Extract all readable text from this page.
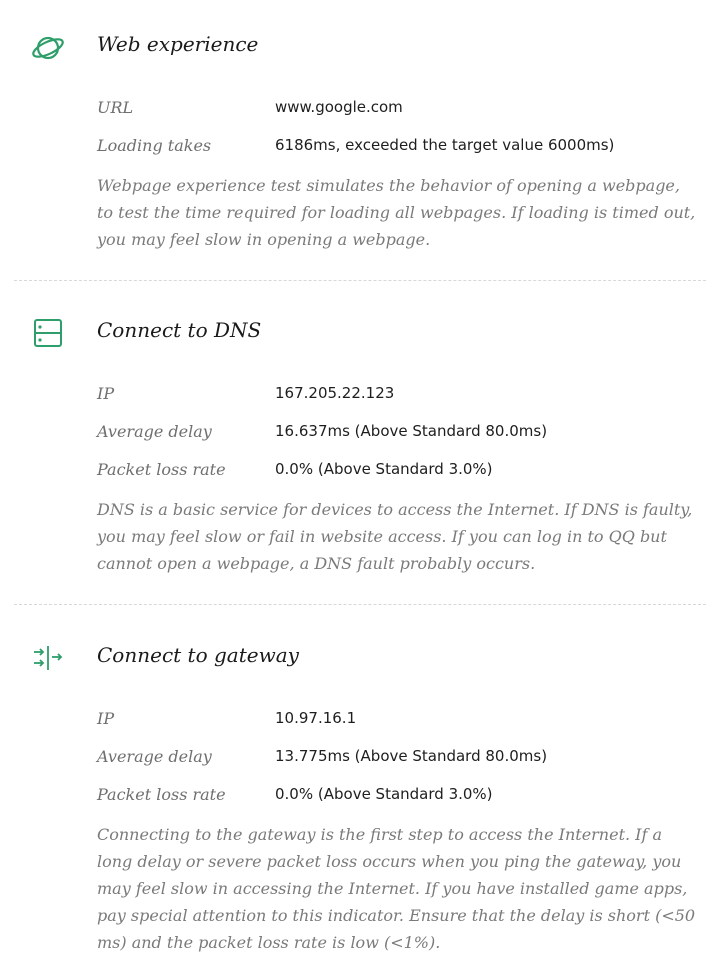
Web experience
URL	www.google.com
Loading takes	6186ms, exceeded the target value 6000ms)
Webpage experience test simulates the behavior of opening a webpage, to test the time required for loading all webpages. If loading is timed out, you may feel slow in opening a webpage.
Connect to DNS
IP	167.205.22.123
Average delay	16.637ms (Above Standard 80.0ms)
Packet loss rate	0.0% (Above Standard 3.0%)
DNS is a basic service for devices to access the Internet. If DNS is faulty, you may feel slow or fail in website access. If you can log in to QQ but cannot open a webpage, a DNS fault probably occurs.
Connect to gateway
IP	10.97.16.1
Average delay	13.775ms (Above Standard 80.0ms)
Packet loss rate	0.0% (Above Standard 3.0%)
Connecting to the gateway is the first step to access the Internet. If a long delay or severe packet loss occurs when you ping the gateway, you may feel slow in accessing the Internet. If you have installed game apps, pay special attention to this indicator. Ensure that the delay is short (<50 ms) and the packet loss rate is low (<1%).
